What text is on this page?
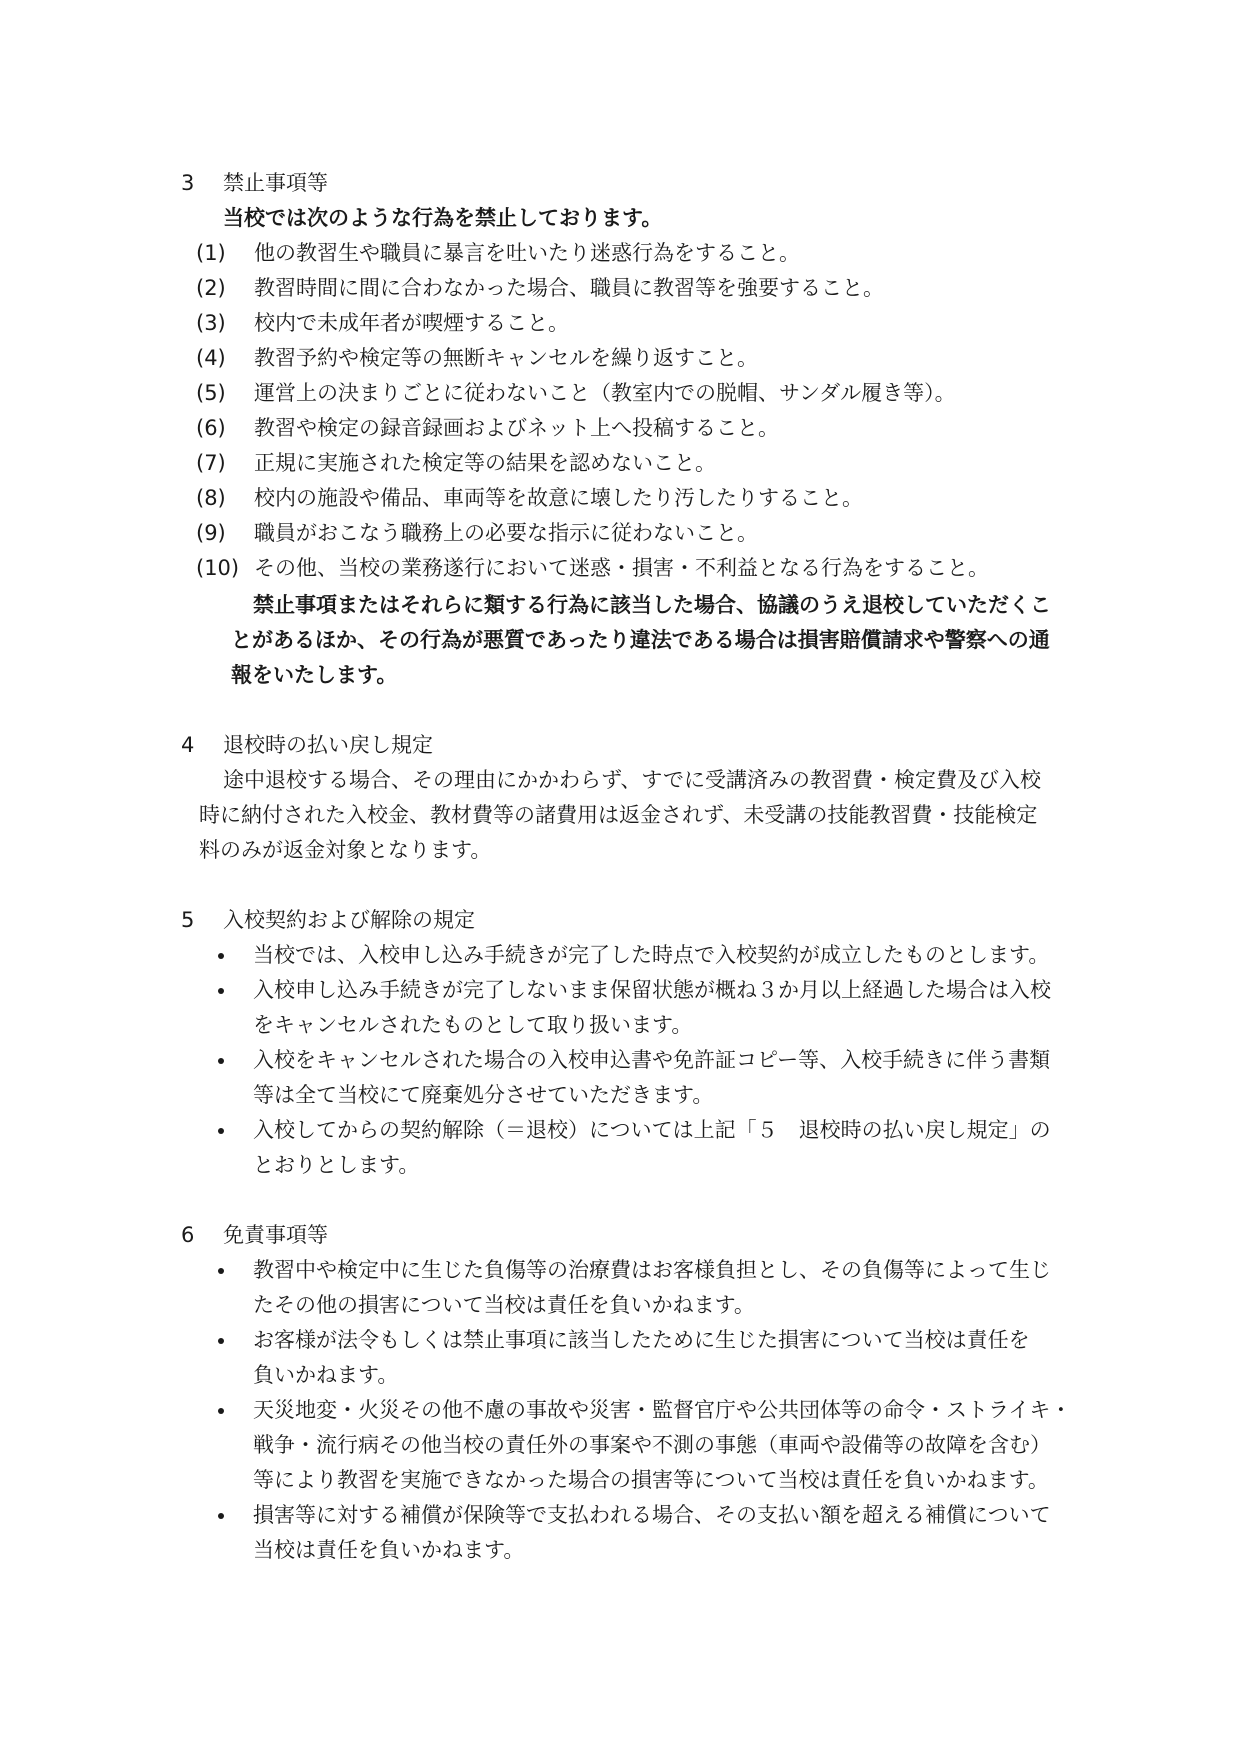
3 禁止事項等
当校では次のような行為を禁止しております。
(1) 他の教習生や職員に暴言を吐いたり迷惑行為をすること。
(2) 教習時間に間に合わなかった場合、職員に教習等を強要すること。
(3) 校内で未成年者が喫煙すること。
(4) 教習予約や検定等の無断キャンセルを繰り返すこと。
(5) 運営上の決まりごとに従わないこと（教室内での脱帽、サンダル履き等）。
(6) 教習や検定の録音録画およびネット上へ投稿すること。
(7) 正規に実施された検定等の結果を認めないこと。
(8) 校内の施設や備品、車両等を故意に壊したり汚したりすること。
(9) 職員がおこなう職務上の必要な指示に従わないこと。
(10) その他、当校の業務遂行において迷惑・損害・不利益となる行為をすること。
禁止事項またはそれらに類する行為に該当した場合、協議のうえ退校していただくこ
とがあるほか、その行為が悪質であったり違法である場合は損害賠償請求や警察への通
報をいたします。
4 退校時の払い戻し規定
途中退校する場合、その理由にかかわらず、すでに受講済みの教習費・検定費及び入校
時に納付された入校金、教材費等の諸費用は返金されず、未受講の技能教習費・技能検定
料のみが返金対象となります。
5 入校契約および解除の規定
当校では、入校申し込み手続きが完了した時点で入校契約が成立したものとします。
入校申し込み手続きが完了しないまま保留状態が概ね３か月以上経過した場合は入校
をキャンセルされたものとして取り扱います。
入校をキャンセルされた場合の入校申込書や免許証コピー等、入校手続きに伴う書類
等は全て当校にて廃棄処分させていただきます。
入校してからの契約解除（＝退校）については上記「５　退校時の払い戻し規定」の
とおりとします。
6 免責事項等
教習中や検定中に生じた負傷等の治療費はお客様負担とし、その負傷等によって生じ
たその他の損害について当校は責任を負いかねます。
お客様が法令もしくは禁止事項に該当したために生じた損害について当校は責任を
負いかねます。
天災地変・火災その他不慮の事故や災害・監督官庁や公共団体等の命令・ストライキ・
戦争・流行病その他当校の責任外の事案や不測の事態（車両や設備等の故障を含む）
等により教習を実施できなかった場合の損害等について当校は責任を負いかねます。
損害等に対する補償が保険等で支払われる場合、その支払い額を超える補償について
当校は責任を負いかねます。
